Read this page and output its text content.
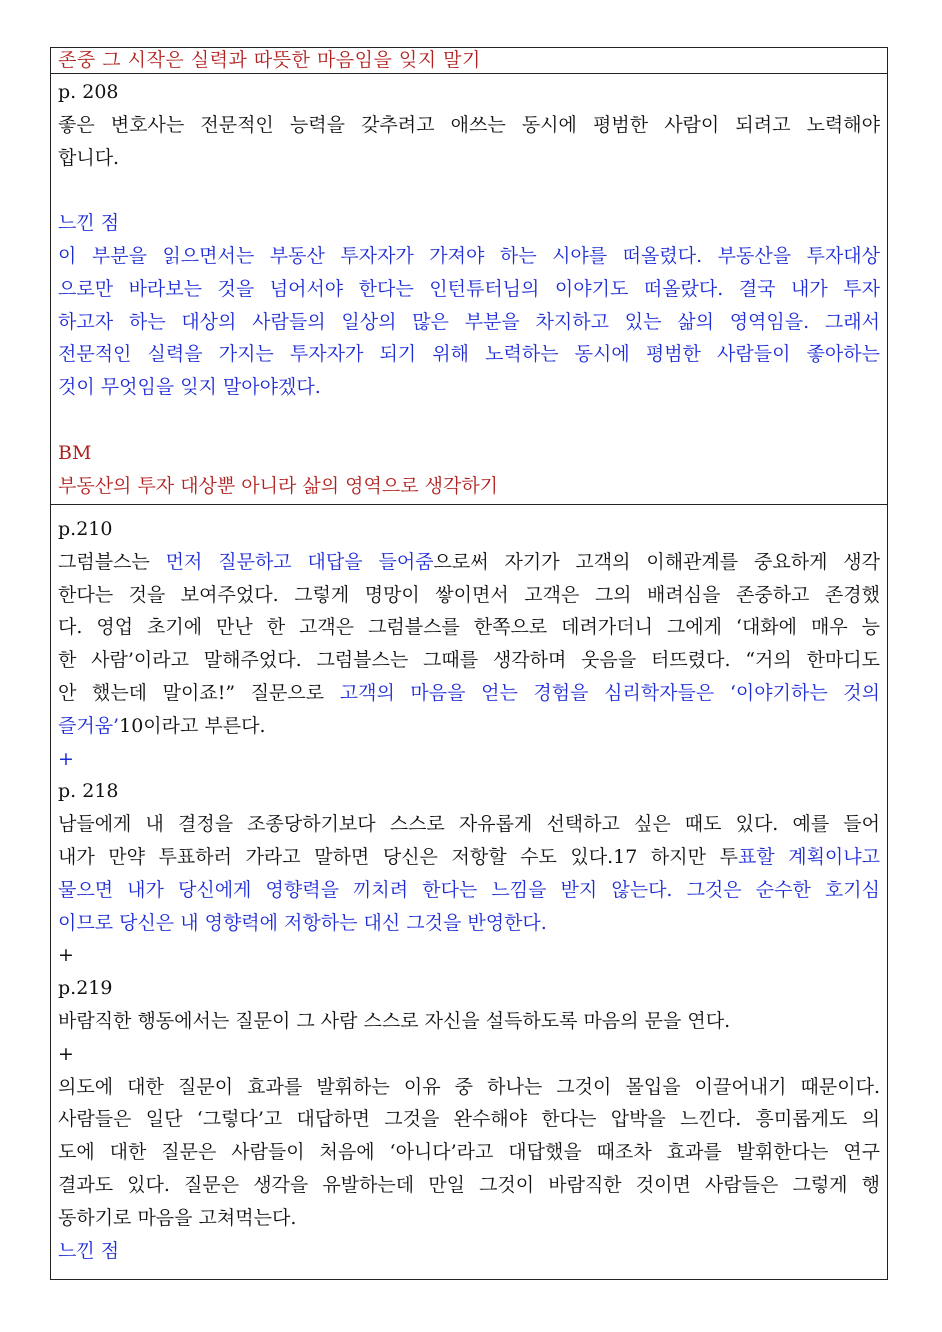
존중 그 시작은 실력과 따뜻한 마음임을 잊지 말기
p. 208
좋은 변호사는 전문적인 능력을 갖추려고 애쓰는 동시에 평범한 사람이 되려고 노력해야
합니다.
느낀 점
이 부분을 읽으면서는 부동산 투자자가 가져야 하는 시야를 떠올렸다. 부동산을 투자대상
으로만 바라보는 것을 넘어서야 한다는 인턴튜터님의 이야기도 떠올랐다. 결국 내가 투자
하고자 하는 대상의 사람들의 일상의 많은 부분을 차지하고 있는 삶의 영역임을. 그래서
전문적인 실력을 가지는 투자자가 되기 위해 노력하는 동시에 평범한 사람들이 좋아하는
것이 무엇임을 잊지 말아야겠다.
BM
부동산의 투자 대상뿐 아니라 삶의 영역으로 생각하기
p.210
그럼블스는 먼저 질문하고 대답을 들어줌으로써 자기가 고객의 이해관계를 중요하게 생각
한다는 것을 보여주었다. 그렇게 명망이 쌓이면서 고객은 그의 배려심을 존중하고 존경했
다. 영업 초기에 만난 한 고객은 그럼블스를 한쪽으로 데려가더니 그에게 ‘대화에 매우 능
한 사람’이라고 말해주었다. 그럼블스는 그때를 생각하며 웃음을 터뜨렸다. “거의 한마디도
안 했는데 말이죠!” 질문으로 고객의 마음을 얻는 경험을 심리학자들은 ‘이야기하는 것의
즐거움’10이라고 부른다.
+
p. 218
남들에게 내 결정을 조종당하기보다 스스로 자유롭게 선택하고 싶은 때도 있다. 예를 들어
내가 만약 투표하러 가라고 말하면 당신은 저항할 수도 있다.17 하지만 투표할 계획이냐고
물으면 내가 당신에게 영향력을 끼치려 한다는 느낌을 받지 않는다. 그것은 순수한 호기심
이므로 당신은 내 영향력에 저항하는 대신 그것을 반영한다.
+
p.219
바람직한 행동에서는 질문이 그 사람 스스로 자신을 설득하도록 마음의 문을 연다.
+
의도에 대한 질문이 효과를 발휘하는 이유 중 하나는 그것이 몰입을 이끌어내기 때문이다.
사람들은 일단 ‘그렇다’고 대답하면 그것을 완수해야 한다는 압박을 느낀다. 흥미롭게도 의
도에 대한 질문은 사람들이 처음에 ‘아니다’라고 대답했을 때조차 효과를 발휘한다는 연구
결과도 있다. 질문은 생각을 유발하는데 만일 그것이 바람직한 것이면 사람들은 그렇게 행
동하기로 마음을 고쳐먹는다.
느낀 점
